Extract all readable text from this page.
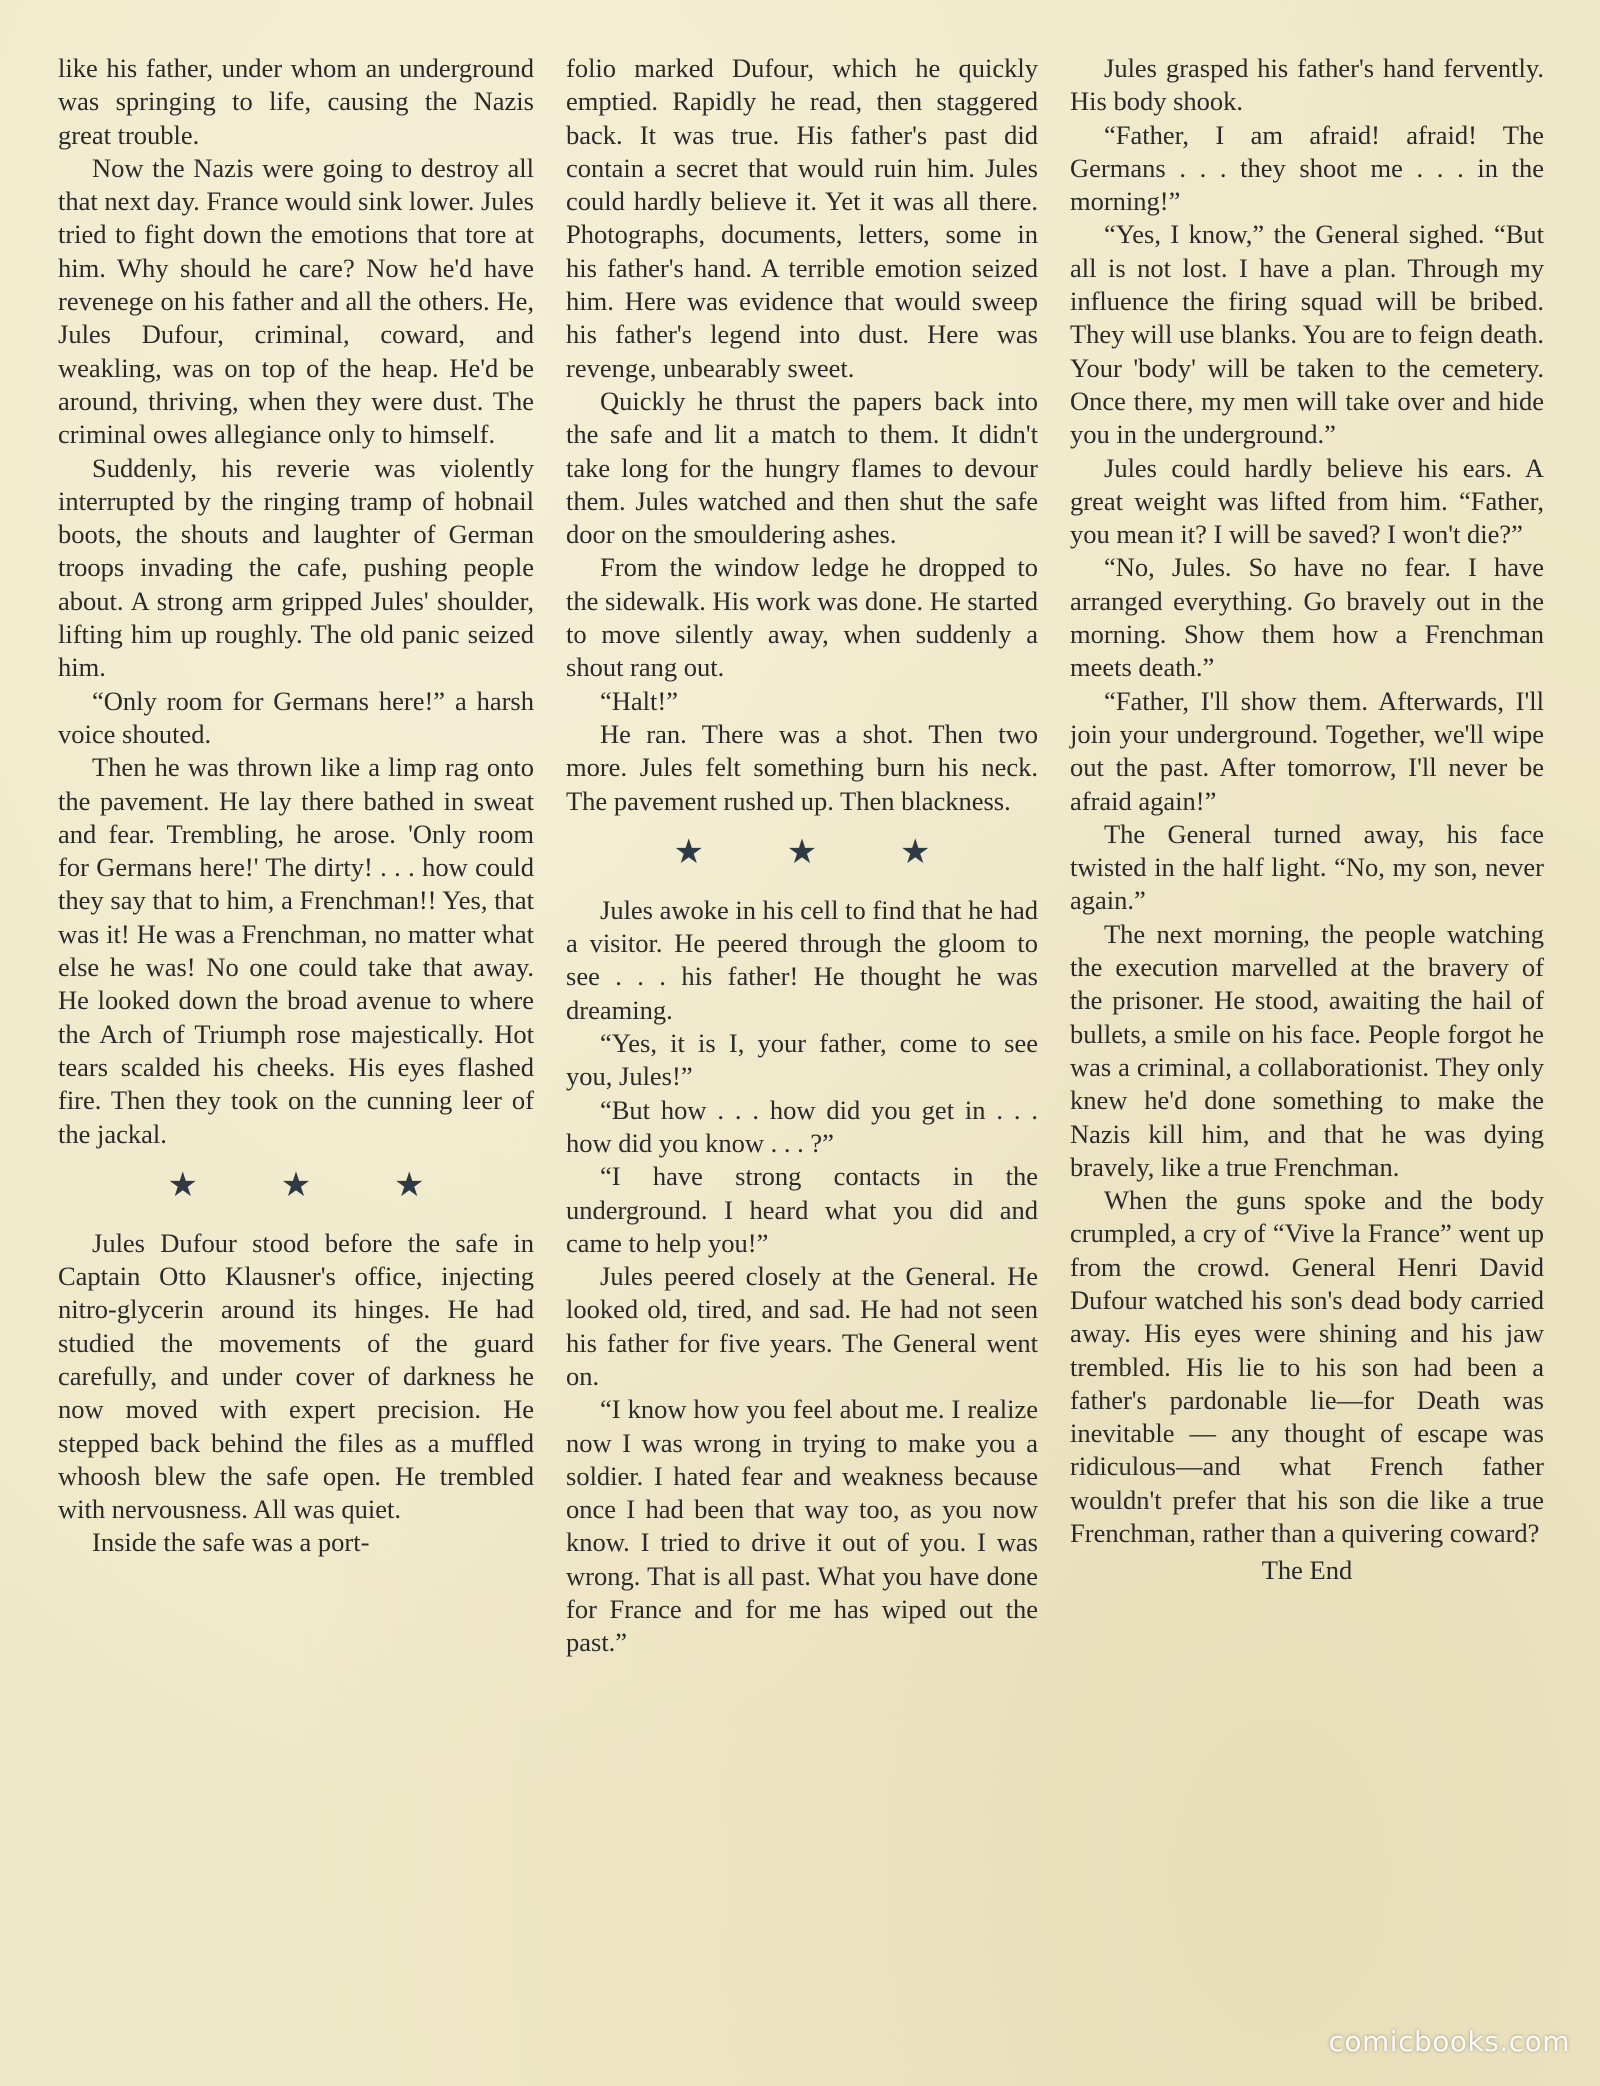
like his father, under whom an underground was springing to life, causing the Nazis great trouble.

Now the Nazis were going to destroy all that next day. France would sink lower. Jules tried to fight down the emotions that tore at him. Why should he care? Now he'd have revenege on his father and all the others. He, Jules Dufour, criminal, coward, and weakling, was on top of the heap. He'd be around, thriving, when they were dust. The criminal owes allegiance only to himself.

Suddenly, his reverie was violently interrupted by the ringing tramp of hobnail boots, the shouts and laughter of German troops invading the cafe, pushing people about. A strong arm gripped Jules' shoulder, lifting him up roughly. The old panic seized him.

“Only room for Germans here!” a harsh voice shouted.

Then he was thrown like a limp rag onto the pavement. He lay there bathed in sweat and fear. Trembling, he arose. 'Only room for Germans here!' The dirty! . . . how could they say that to him, a Frenchman!! Yes, that was it! He was a Frenchman, no matter what else he was! No one could take that away. He looked down the broad avenue to where the Arch of Triumph rose majestically. Hot tears scalded his cheeks. His eyes flashed fire. Then they took on the cunning leer of the jackal.

★ ★ ★

Jules Dufour stood before the safe in Captain Otto Klausner's office, injecting nitro-glycerin around its hinges. He had studied the movements of the guard carefully, and under cover of darkness he now moved with expert precision. He stepped back behind the files as a muffled whoosh blew the safe open. He trembled with nervousness. All was quiet.

Inside the safe was a port-

folio marked Dufour, which he quickly emptied. Rapidly he read, then staggered back. It was true. His father's past did contain a secret that would ruin him. Jules could hardly believe it. Yet it was all there. Photographs, documents, letters, some in his father's hand. A terrible emotion seized him. Here was evidence that would sweep his father's legend into dust. Here was revenge, unbearably sweet.

Quickly he thrust the papers back into the safe and lit a match to them. It didn't take long for the hungry flames to devour them. Jules watched and then shut the safe door on the smouldering ashes.

From the window ledge he dropped to the sidewalk. His work was done. He started to move silently away, when suddenly a shout rang out.

“Halt!”

He ran. There was a shot. Then two more. Jules felt something burn his neck. The pavement rushed up. Then blackness.

★ ★ ★

Jules awoke in his cell to find that he had a visitor. He peered through the gloom to see . . . his father! He thought he was dreaming.

“Yes, it is I, your father, come to see you, Jules!”

“But how . . . how did you get in . . . how did you know . . . ?”

“I have strong contacts in the underground. I heard what you did and came to help you!”

Jules peered closely at the General. He looked old, tired, and sad. He had not seen his father for five years. The General went on.

“I know how you feel about me. I realize now I was wrong in trying to make you a soldier. I hated fear and weakness because once I had been that way too, as you now know. I tried to drive it out of you. I was wrong. That is all past. What you have done for France and for me has wiped out the past.”

Jules grasped his father's hand fervently. His body shook.

“Father, I am afraid! afraid! The Germans . . . they shoot me . . . in the morning!”

“Yes, I know,” the General sighed. “But all is not lost. I have a plan. Through my influence the firing squad will be bribed. They will use blanks. You are to feign death. Your 'body' will be taken to the cemetery. Once there, my men will take over and hide you in the underground.”

Jules could hardly believe his ears. A great weight was lifted from him. “Father, you mean it? I will be saved? I won't die?”

“No, Jules. So have no fear. I have arranged everything. Go bravely out in the morning. Show them how a Frenchman meets death.”

“Father, I'll show them. Afterwards, I'll join your underground. Together, we'll wipe out the past. After tomorrow, I'll never be afraid again!”

The General turned away, his face twisted in the half light. “No, my son, never again.”

The next morning, the people watching the execution marvelled at the bravery of the prisoner. He stood, awaiting the hail of bullets, a smile on his face. People forgot he was a criminal, a collaborationist. They only knew he'd done something to make the Nazis kill him, and that he was dying bravely, like a true Frenchman.

When the guns spoke and the body crumpled, a cry of “Vive la France” went up from the crowd. General Henri David Dufour watched his son's dead body carried away. His eyes were shining and his jaw trembled. His lie to his son had been a father's pardonable lie—for Death was inevitable — any thought of escape was ridiculous—and what French father wouldn't prefer that his son die like a true Frenchman, rather than a quivering coward?

The End

comicbooks.com
